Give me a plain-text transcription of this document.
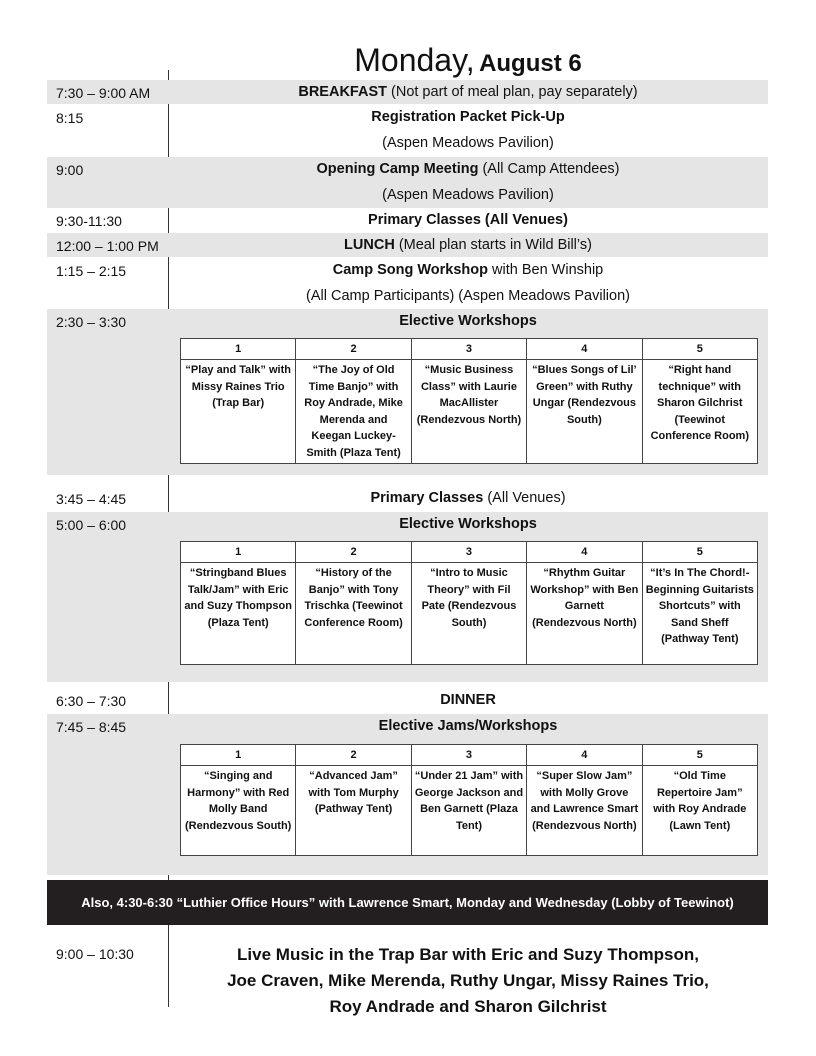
Monday, August 6
7:30 – 9:00 AM	BREAKFAST (Not part of meal plan, pay separately)
8:15	Registration Packet Pick-Up
(Aspen Meadows Pavilion)
9:00	Opening Camp Meeting (All Camp Attendees)
(Aspen Meadows Pavilion)
9:30-11:30	Primary Classes (All Venues)
12:00 – 1:00 PM	LUNCH (Meal plan starts in Wild Bill’s)
1:15 – 2:15	Camp Song Workshop with Ben Winship
(All Camp Participants) (Aspen Meadows Pavilion)
2:30 – 3:30	Elective Workshops
1	2	3	4	5
“Play and Talk” with Missy Raines Trio (Trap Bar)	“The Joy of Old Time Banjo” with Roy Andrade, Mike Merenda and Keegan Luckey-Smith (Plaza Tent)	“Music Business Class” with Laurie MacAllister (Rendezvous North)	“Blues Songs of Lil’ Green” with Ruthy Ungar (Rendezvous South)	“Right hand technique” with Sharon Gilchrist (Teewinot Conference Room)
3:45 – 4:45	Primary Classes (All Venues)
5:00 – 6:00	Elective Workshops
1	2	3	4	5
“Stringband Blues Talk/Jam” with Eric and Suzy Thompson (Plaza Tent)	“History of the Banjo” with Tony Trischka (Teewinot Conference Room)	“Intro to Music Theory” with Fil Pate (Rendezvous South)	“Rhythm Guitar Workshop” with Ben Garnett (Rendezvous North)	“It’s In The Chord!-Beginning Guitarists Shortcuts” with Sand Sheff (Pathway Tent)
6:30 – 7:30	DINNER
7:45 – 8:45	Elective Jams/Workshops
1	2	3	4	5
“Singing and Harmony” with Red Molly Band (Rendezvous South)	“Advanced Jam” with Tom Murphy (Pathway Tent)	“Under 21 Jam” with George Jackson and Ben Garnett (Plaza Tent)	“Super Slow Jam” with Molly Grove and Lawrence Smart (Rendezvous North)	“Old Time Repertoire Jam” with Roy Andrade (Lawn Tent)
Also, 4:30-6:30 “Luthier Office Hours” with Lawrence Smart, Monday and Wednesday (Lobby of Teewinot)
9:00 – 10:30	Live Music in the Trap Bar with Eric and Suzy Thompson,
Joe Craven, Mike Merenda, Ruthy Ungar, Missy Raines Trio,
Roy Andrade and Sharon Gilchrist
